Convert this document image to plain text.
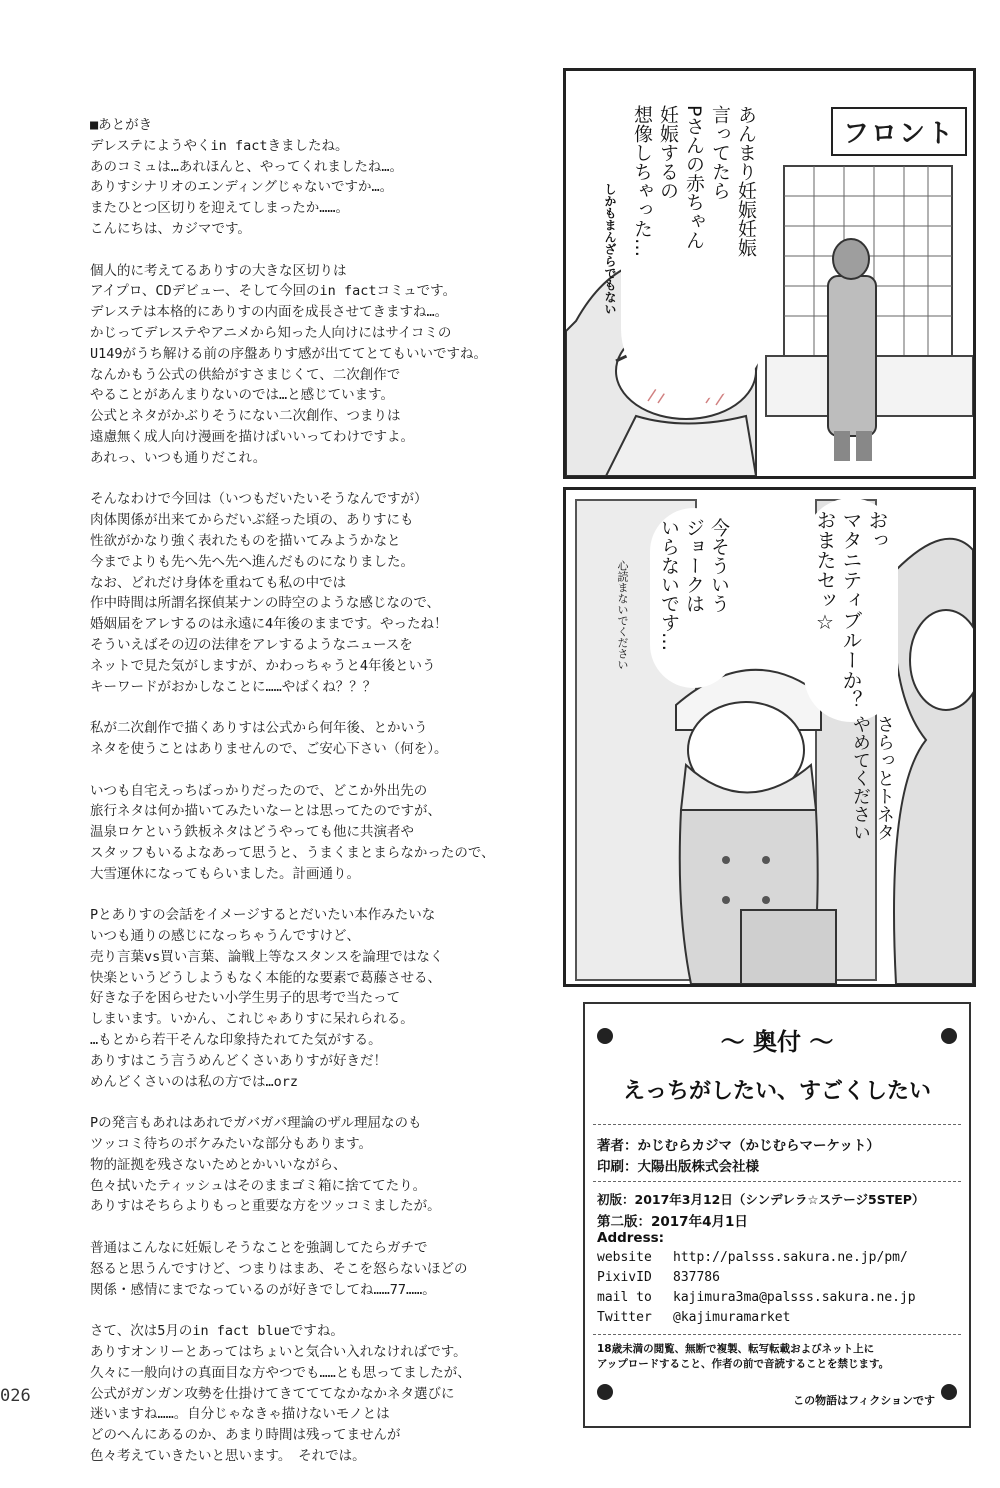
■あとがき
デレステにようやくin factきましたね。
あのコミュは…あれほんと、やってくれましたね…。
ありすシナリオのエンディングじゃないですか…。
またひとつ区切りを迎えてしまったか……。
こんにちは、カジマです。
個人的に考えてるありすの大きな区切りは
アイプロ、CDデビュー、そして今回のin factコミュです。
デレステは本格的にありすの内面を成長させてきますね…。
かじってデレステやアニメから知った人向けにはサイコミの
U149がうち解ける前の序盤ありす感が出ててとてもいいですね。
なんかもう公式の供給がすさまじくて、二次創作で
やることがあんまりないのでは…と感じています。
公式とネタがかぶりそうにない二次創作、つまりは
遠慮無く成人向け漫画を描けばいいってわけですよ。
あれっ、いつも通りだこれ。
そんなわけで今回は（いつもだいたいそうなんですが）
肉体関係が出来てからだいぶ経った頃の、ありすにも
性欲がかなり強く表れたものを描いてみようかなと
今までよりも先へ先へ先へ進んだものになりました。
なお、どれだけ身体を重ねても私の中では
作中時間は所謂名探偵某ナンの時空のような感じなので、
婚姻届をアレするのは永遠に4年後のままです。やったね！
そういえばその辺の法律をアレするようなニュースを
ネットで見た気がしますが、かわっちゃうと4年後という
キーワードがおかしなことに……やばくね？？？
私が二次創作で描くありすは公式から何年後、とかいう
ネタを使うことはありませんので、ご安心下さい（何を）。
いつも自宅えっちばっかりだったので、どこか外出先の
旅行ネタは何か描いてみたいなーとは思ってたのですが、
温泉ロケという鉄板ネタはどうやっても他に共演者や
スタッフもいるよなあって思うと、うまくまとまらなかったので、
大雪運休になってもらいました。計画通り。
Pとありすの会話をイメージするとだいたい本作みたいな
いつも通りの感じになっちゃうんですけど、
売り言葉vs買い言葉、論戦上等なスタンスを論理ではなく
快楽というどうしようもなく本能的な要素で葛藤させる、
好きな子を困らせたい小学生男子的思考で当たって
しまいます。いかん、これじゃありすに呆れられる。
…もとから若干そんな印象持たれてた気がする。
ありすはこう言うめんどくさいありすが好きだ！
めんどくさいのは私の方では…orz
Pの発言もあれはあれでガバガバ理論のザル理屈なのも
ツッコミ待ちのボケみたいな部分もあります。
物的証拠を残さないためとかいいながら、
色々拭いたティッシュはそのままゴミ箱に捨ててたり。
ありすはそちらよりもっと重要な方をツッコミましたが。
普通はこんなに妊娠しそうなことを強調してたらガチで
怒ると思うんですけど、つまりはまあ、そこを怒らないほどの
関係・感情にまでなっているのが好きでしてね……77……。
さて、次は5月のin fact blueですね。
ありすオンリーとあってはちょいと気合い入れなければです。
久々に一般向けの真面目な方やつでも……とも思ってましたが、
公式がガンガン攻勢を仕掛けてきてててなかなかネタ選びに
迷いますね……。自分じゃなきゃ描けないモノとは
どのへんにあるのか、あまり時間は残ってませんが
色々考えていきたいと思います。　それでは。
026
フロント
あんまり妊娠妊娠
言ってたら
Pさんの赤ちゃん
妊娠するの
想像しちゃった…
しかもまんざらでもない
おっ
マタニティブルーか？
おまたセッ☆
今そういう
ジョークは
いらないです…
心読まないでください
さらっとトネタ
やめてください
～ 奥付 ～
えっちがしたい、すごくしたい
著者：かじむらカジマ（かじむらマーケット）
印刷：大陽出版株式会社様
初版：2017年3月12日（シンデレラ☆ステージ5STEP）
第二版：2017年4月1日
Address:
website http://palsss.sakura.ne.jp/pm/
PixivID 837786
mail to kajimura3ma@palsss.sakura.ne.jp
Twitter @kajimuramarket
18歳未満の閲覧、無断で複製、転写転載およびネット上に
アップロードすること、作者の前で音読することを禁じます。
この物語はフィクションです
